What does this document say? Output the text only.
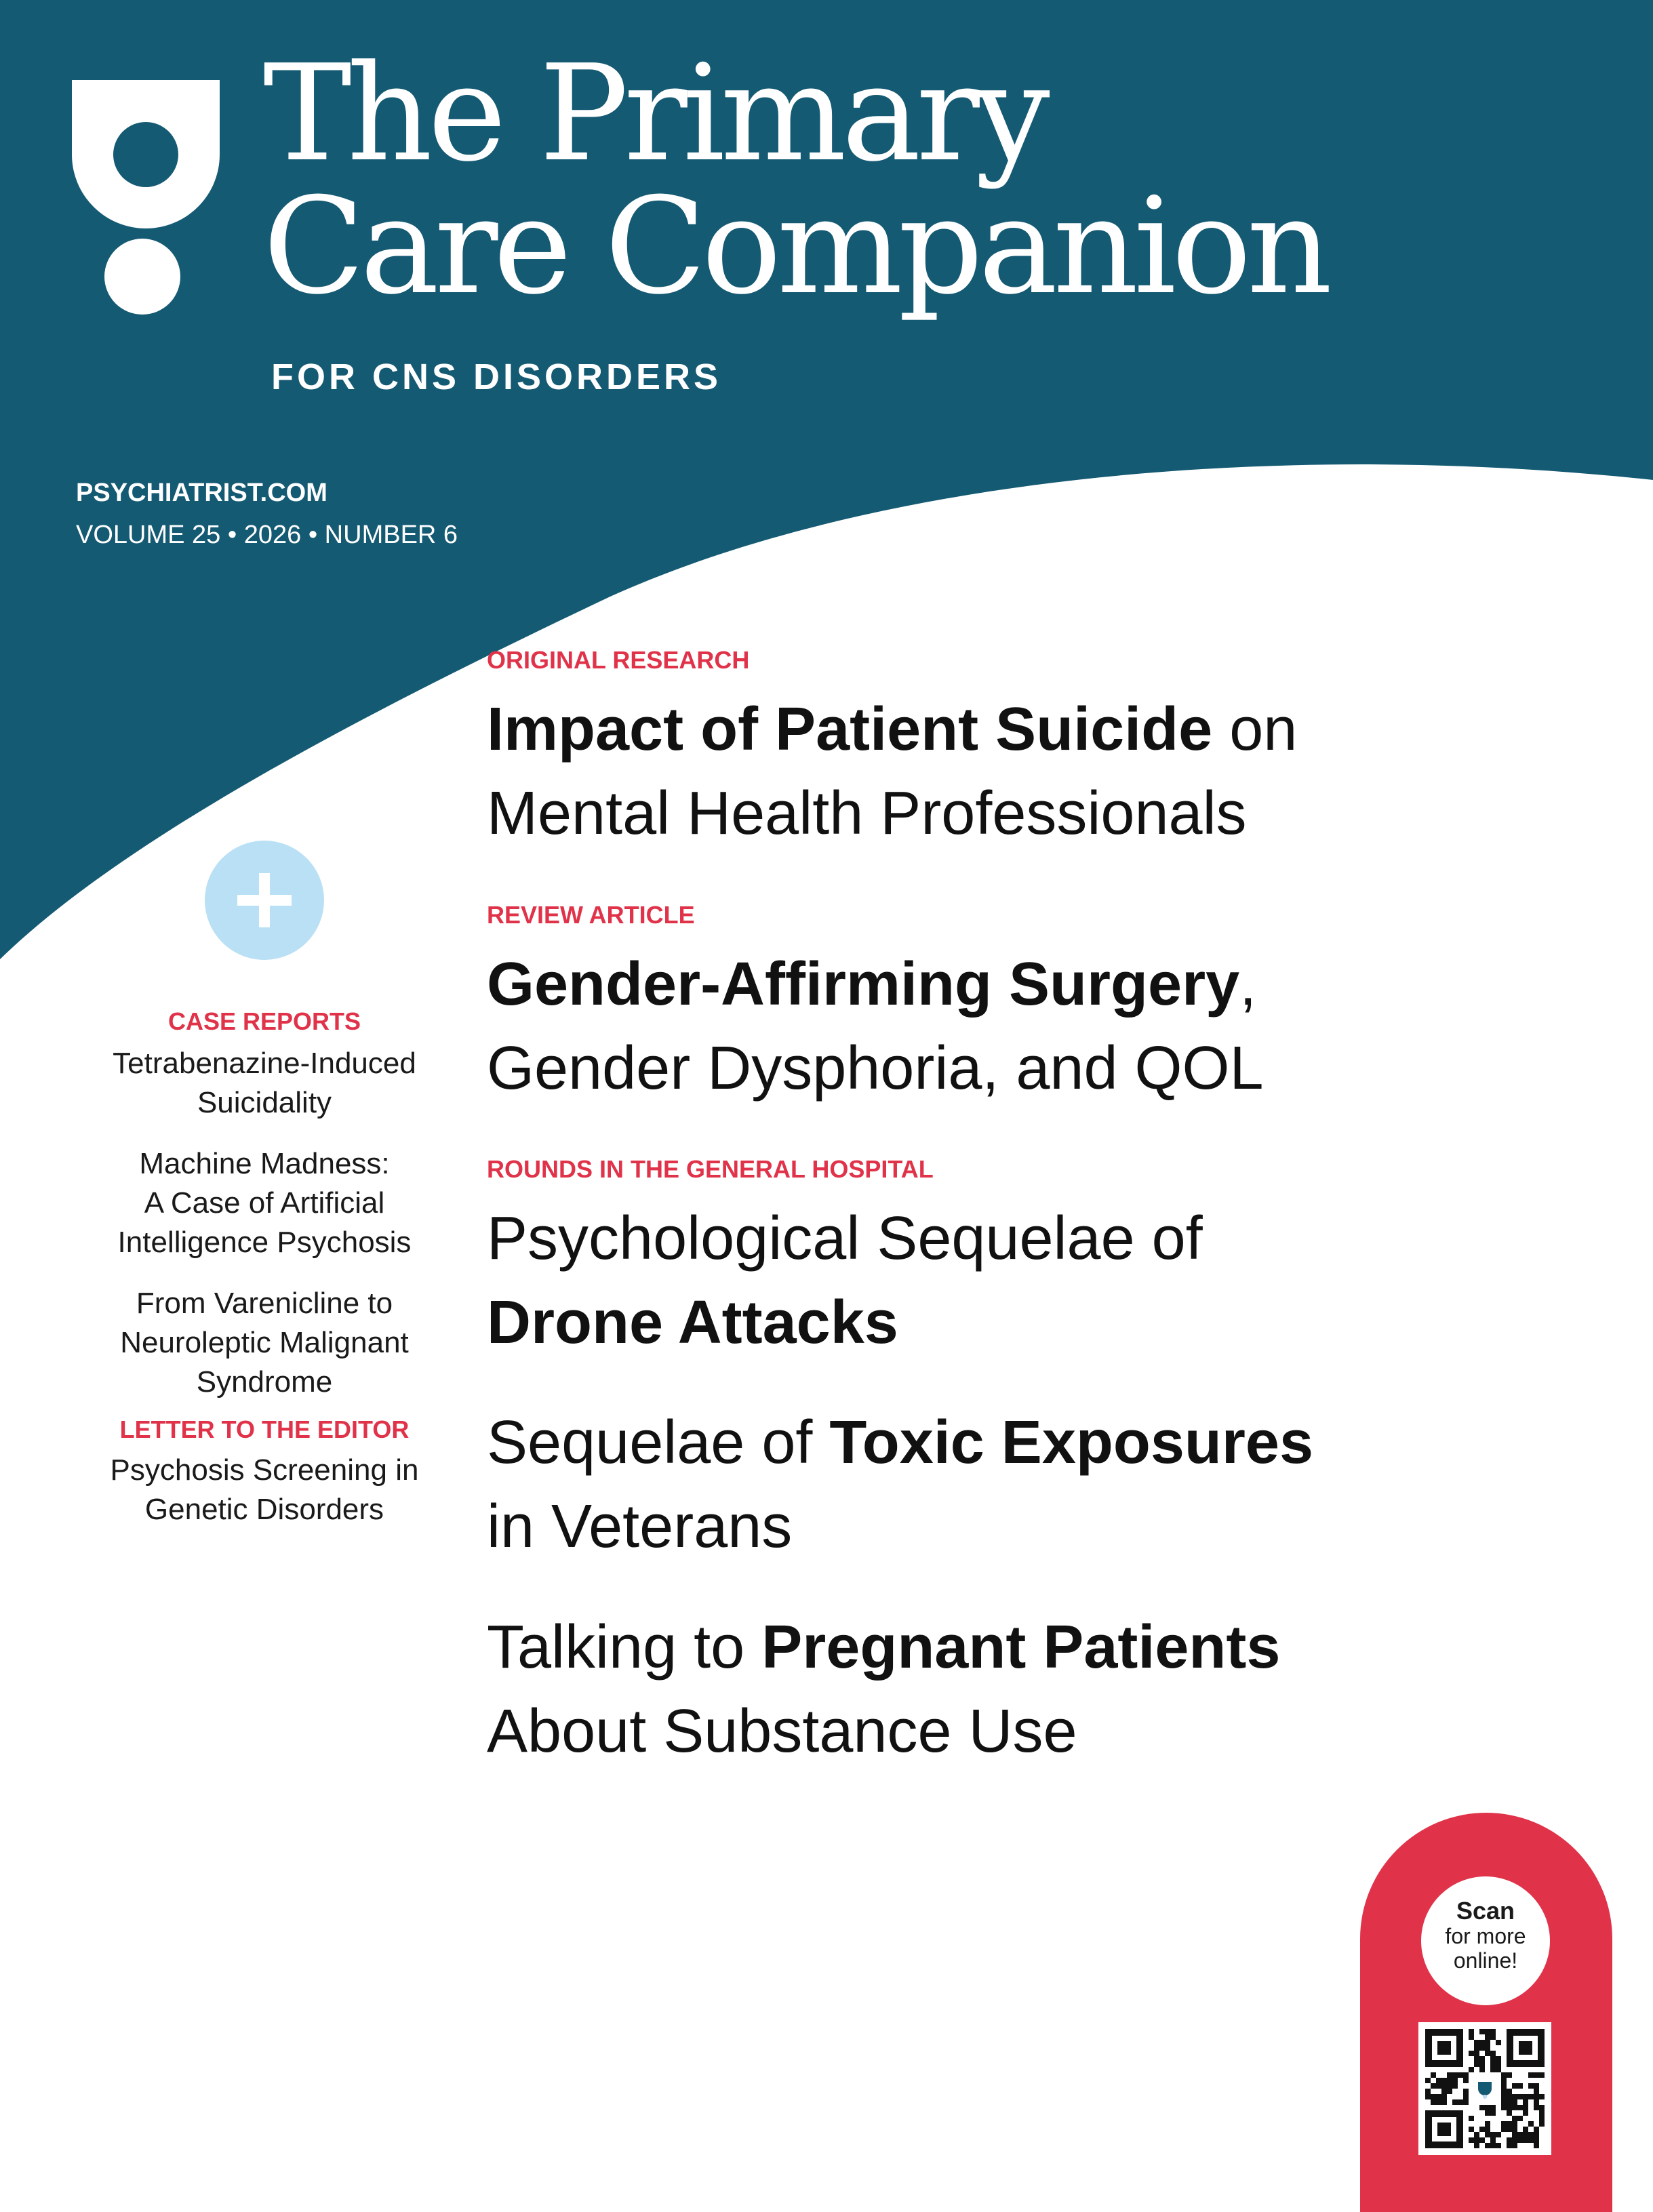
The Primary
Care Companion
FOR CNS DISORDERS
PSYCHIATRIST.COM
VOLUME 25 • 2026 • NUMBER 6
ORIGINAL RESEARCH

Impact of Patient Suicide on
Mental Health Professionals

REVIEW ARTICLE

Gender-Affirming Surgery,
Gender Dysphoria, and QOL

ROUNDS IN THE GENERAL HOSPITAL

Psychological Sequelae of
Drone Attacks

Sequelae of Toxic Exposures
in Veterans

Talking to Pregnant Patients
About Substance Use

CASE REPORTS
Tetrabenazine-Induced
Suicidality
Machine Madness:
A Case of Artificial
Intelligence Psychosis
From Varenicline to
Neuroleptic Malignant
Syndrome
LETTER TO THE EDITOR
Psychosis Screening in
Genetic Disorders
Scan
for more
online!
